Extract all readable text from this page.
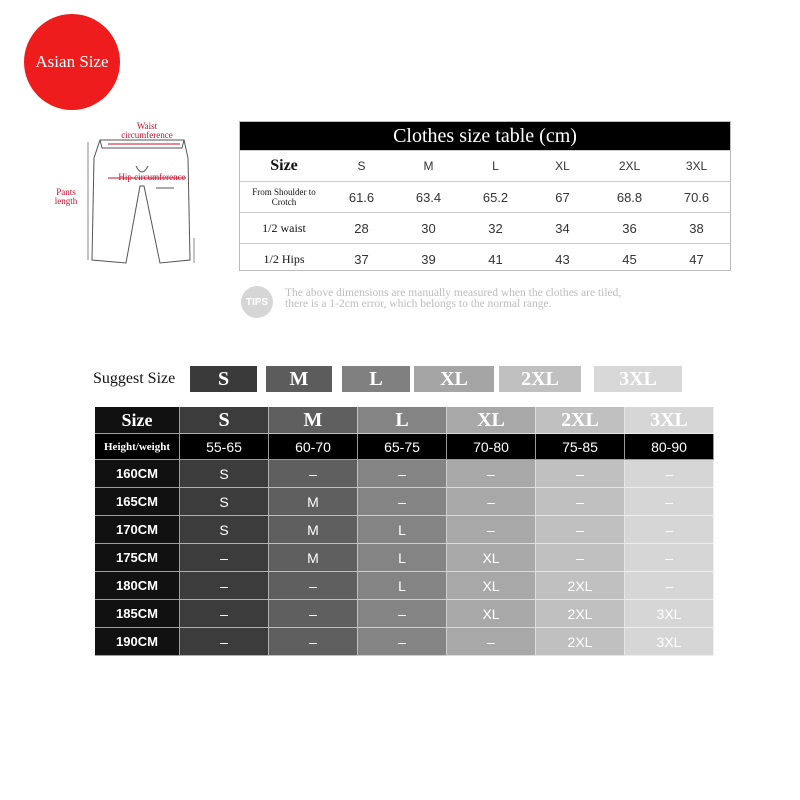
Asian Size
Waist circumference
Hip circumference
Pants length
Clothes size table (cm)
Size	S	M	L	XL	2XL	3XL
From Shoulder to Crotch	61.6	63.4	65.2	67	68.8	70.6
1/2 waist	28	30	32	34	36	38
1/2 Hips	37	39	41	43	45	47
TIPS
The above dimensions are manually measured when the clothes are tiled,
there is a 1-2cm error, which belongs to the normal range.
Suggest Size	S	M	L	XL	2XL	3XL
Size	S	M	L	XL	2XL	3XL
Height/weight	55-65	60-70	65-75	70-80	75-85	80-90
160CM	S	–	–	–	–	–
165CM	S	M	–	–	–	–
170CM	S	M	L	–	–	–
175CM	–	M	L	XL	–	–
180CM	–	–	L	XL	2XL	–
185CM	–	–	–	XL	2XL	3XL
190CM	–	–	–	–	2XL	3XL
